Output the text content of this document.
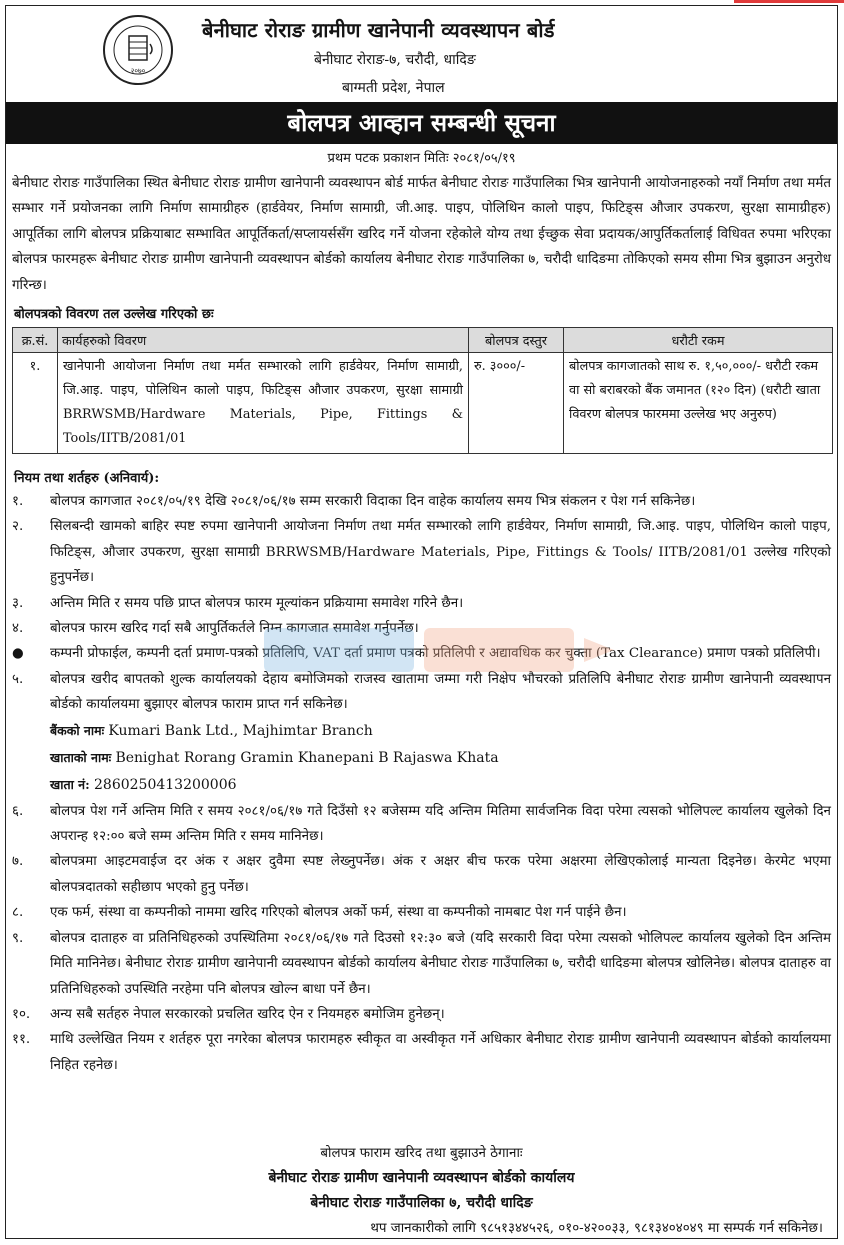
२०७०
बेनीघाट रोराङ ग्रामीण खानेपानी व्यवस्थापन बोर्ड
बेनीघाट रोराङ-७, चरौदी, धादिङ
बाग्मती प्रदेश, नेपाल
बोलपत्र आव्हान सम्बन्धी सूचना
प्रथम पटक प्रकाशन मितिः २०८१/०५/१९
बेनीघाट रोराङ गाउँपालिका स्थित बेनीघाट रोराङ ग्रामीण खानेपानी व्यवस्थापन बोर्ड मार्फत बेनीघाट रोराङ गाउँपालिका भित्र खानेपानी आयोजनाहरुको नयाँ निर्माण तथा मर्मत सम्भार गर्ने प्रयोजनका लागि निर्माण सामाग्रीहरु (हार्डवेयर, निर्माण सामाग्री, जी.आइ. पाइप, पोलिथिन कालो पाइप, फिटिङ्स औजार उपकरण, सुरक्षा सामाग्रीहरु) आपूर्तिका लागि बोलपत्र प्रक्रियाबाट सम्भावित आपूर्तिकर्ता/सप्लायर्ससँग खरिद गर्ने योजना रहेकोले योग्य तथा ईच्छुक सेवा प्रदायक/आपुर्तिकर्तालाई विधिवत रुपमा भरिएका बोलपत्र फारमहरू बेनीघाट रोराङ ग्रामीण खानेपानी व्यवस्थापन बोर्डको कार्यालय बेनीघाट रोराङ गाउँपालिका ७, चरौदी धादिङमा तोकिएको समय सीमा भित्र बुझाउन अनुरोध गरिन्छ।
बोलपत्रको विवरण तल उल्लेख गरिएको छः
क्र.सं.	कार्यहरुको विवरण	बोलपत्र दस्तुर	धरौटी रकम
१.	खानेपानी आयोजना निर्माण तथा मर्मत सम्भारको लागि हार्डवेयर, निर्माण सामाग्री, जि.आइ. पाइप, पोलिथिन कालो पाइप, फिटिङ्स औजार उपकरण, सुरक्षा सामाग्री BRRWSMB/Hardware Materials, Pipe, Fittings & Tools/IITB/2081/01	रु. ३०००/-	बोलपत्र कागजातको साथ रु. १,५०,०००/- धरौटी रकम वा सो बराबरको बैंक जमानत (१२० दिन) (धरौटी खाता विवरण बोलपत्र फारममा उल्लेख भए अनुरुप)
नियम तथा शर्तहरु (अनिवार्य):
१.	बोलपत्र कागजात २०८१/०५/१९ देखि २०८१/०६/१७ सम्म सरकारी विदाका दिन वाहेक कार्यालय समय भित्र संकलन र पेश गर्न सकिनेछ।
२.	सिलबन्दी खामको बाहिर स्पष्ट रुपमा खानेपानी आयोजना निर्माण तथा मर्मत सम्भारको लागि हार्डवेयर, निर्माण सामाग्री, जि.आइ. पाइप, पोलिथिन कालो पाइप, फिटिङ्स, औजार उपकरण, सुरक्षा सामाग्री BRRWSMB/Hardware Materials, Pipe, Fittings & Tools/ IITB/2081/01 उल्लेख गरिएको हुनुपर्नेछ।
३.	अन्तिम मिति र समय पछि प्राप्त बोलपत्र फारम मूल्यांकन प्रक्रियामा समावेश गरिने छैन।
४.	बोलपत्र फारम खरिद गर्दा सबै आपुर्तिकर्तले निम्न कागजात समावेश गर्नुपर्नेछ।
●	कम्पनी प्रोफाईल, कम्पनी दर्ता प्रमाण-पत्रको प्रतिलिपि, VAT दर्ता प्रमाण पत्रको प्रतिलिपी र अद्यावधिक कर चुक्ता (Tax Clearance) प्रमाण पत्रको प्रतिलिपी।
५.	बोलपत्र खरीद बापतको शुल्क कार्यालयको देहाय बमोजिमको राजस्व खातामा जम्मा गरी निक्षेप भौचरको प्रतिलिपि बेनीघाट रोराङ ग्रामीण खानेपानी व्यवस्थापन बोर्डको कार्यालयमा बुझाएर बोलपत्र फाराम प्राप्त गर्न सकिनेछ।
बैंकको नामः Kumari Bank Ltd., Majhimtar Branch
खाताको नामः Benighat Rorang Gramin Khanepani B Rajaswa Khata
खाता नं: 2860250413200006
६.	बोलपत्र पेश गर्ने अन्तिम मिति र समय २०८१/०६/१७ गते दिउँसो १२ बजेसम्म यदि अन्तिम मितिमा सार्वजनिक विदा परेमा त्यसको भोलिपल्ट कार्यालय खुलेको दिन अपरान्ह १२:०० बजे सम्म अन्तिम मिति र समय मानिनेछ।
७.	बोलपत्रमा आइटमवाईज दर अंक र अक्षर दुवैमा स्पष्ट लेख्नुपर्नेछ। अंक र अक्षर बीच फरक परेमा अक्षरमा लेखिएकोलाई मान्यता दिइनेछ। केरमेट भएमा बोलपत्रदातको सहीछाप भएको हुनु पर्नेछ।
८.	एक फर्म, संस्था वा कम्पनीको नाममा खरिद गरिएको बोलपत्र अर्को फर्म, संस्था वा कम्पनीको नामबाट पेश गर्न पाईने छैन।
९.	बोलपत्र दाताहरु वा प्रतिनिधिहरुको उपस्थितिमा २०८१/०६/१७ गते दिउसो १२:३० बजे (यदि सरकारी विदा परेमा त्यसको भोलिपल्ट कार्यालय खुलेको दिन अन्तिम मिति मानिनेछ। बेनीघाट रोराङ ग्रामीण खानेपानी व्यवस्थापन बोर्डको कार्यालय बेनीघाट रोराङ गाउँपालिका ७, चरौदी धादिङमा बोलपत्र खोलिनेछ। बोलपत्र दाताहरु वा प्रतिनिधिहरुको उपस्थिति नरहेमा पनि बोलपत्र खोल्न बाधा पर्ने छैन।
१०.	अन्य सबै सर्तहरु नेपाल सरकारको प्रचलित खरिद ऐन र नियमहरु बमोजिम हुनेछन्।
११.	माथि उल्लेखित नियम र शर्तहरु पूरा नगरेका बोलपत्र फारामहरु स्वीकृत वा अस्वीकृत गर्ने अधिकार बेनीघाट रोराङ ग्रामीण खानेपानी व्यवस्थापन बोर्डको कार्यालयमा निहित रहनेछ।
बोलपत्र फाराम खरिद तथा बुझाउने ठेगानाः
बेनीघाट रोराङ ग्रामीण खानेपानी व्यवस्थापन बोर्डको कार्यालय
बेनीघाट रोराङ गाउँपालिका ७, चरौदी धादिङ
थप जानकारीको लागि ९८५१३४४५२६, ०१०-४२००३३, ९८१३४०४०४९ मा सम्पर्क गर्न सकिनेछ।
